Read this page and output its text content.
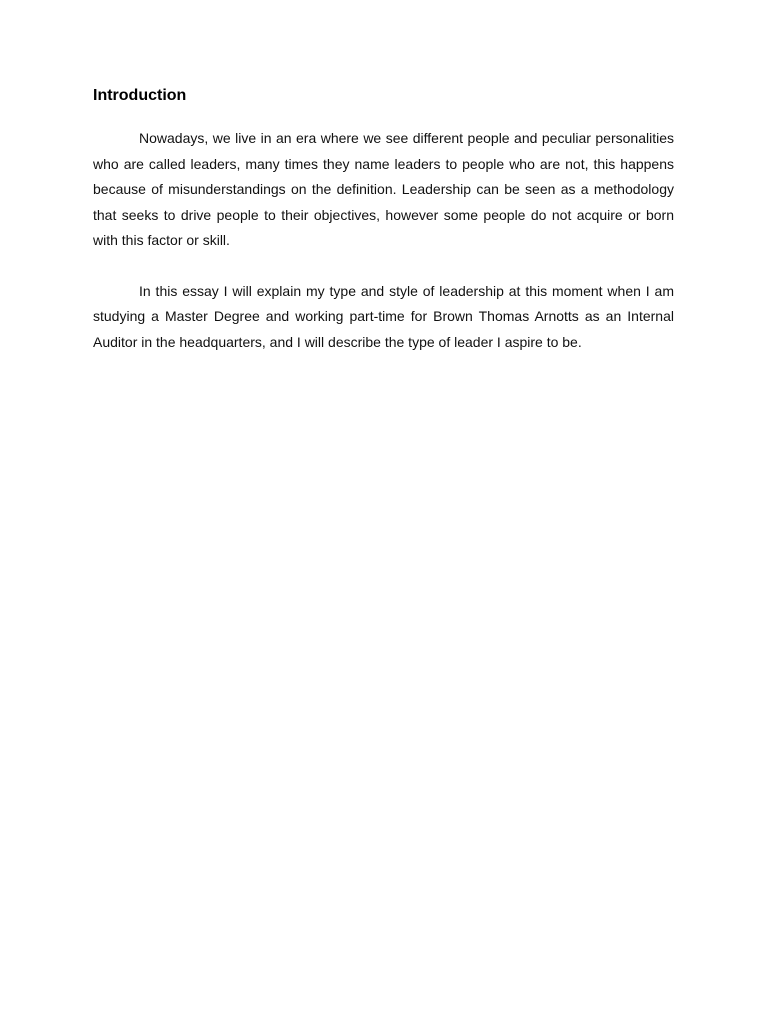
Introduction

Nowadays, we live in an era where we see different people and peculiar personalities who are called leaders, many times they name leaders to people who are not, this happens because of misunderstandings on the definition. Leadership can be seen as a methodology that seeks to drive people to their objectives, however some people do not acquire or born with this factor or skill.

In this essay I will explain my type and style of leadership at this moment when I am studying a Master Degree and working part-time for Brown Thomas Arnotts as an Internal Auditor in the headquarters, and I will describe the type of leader I aspire to be.
